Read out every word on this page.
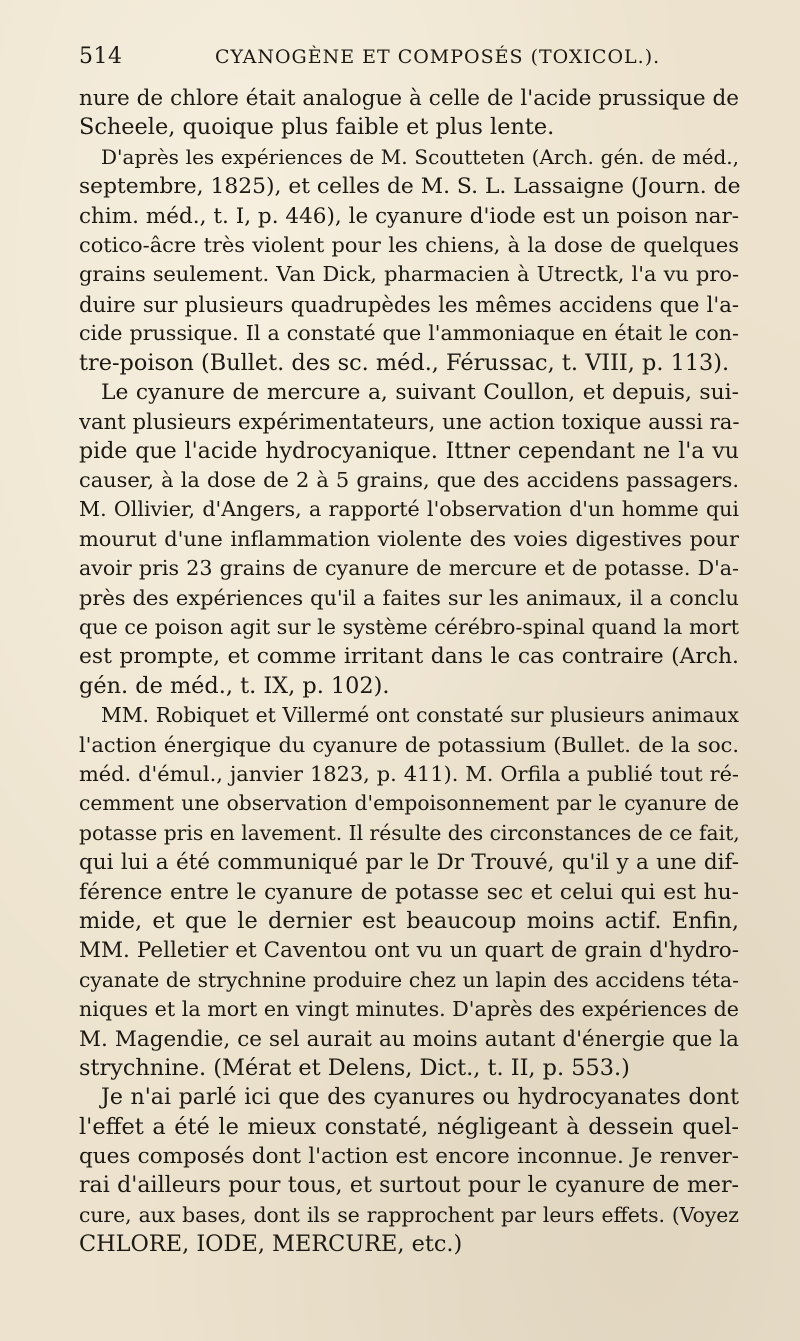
514	CYANOGÈNE ET COMPOSÉS (TOXICOL.).
nure de chlore était analogue à celle de l'acide prussique de
Scheele, quoique plus faible et plus lente.
D'après les expériences de M. Scoutteten (Arch. gén. de méd.,
septembre, 1825), et celles de M. S. L. Lassaigne (Journ. de
chim. méd., t. I, p. 446), le cyanure d'iode est un poison nar-
cotico-âcre très violent pour les chiens, à la dose de quelques
grains seulement. Van Dick, pharmacien à Utrectk, l'a vu pro-
duire sur plusieurs quadrupèdes les mêmes accidens que l'a-
cide prussique. Il a constaté que l'ammoniaque en était le con-
tre-poison (Bullet. des sc. méd., Férussac, t. VIII, p. 113).
Le cyanure de mercure a, suivant Coullon, et depuis, sui-
vant plusieurs expérimentateurs, une action toxique aussi ra-
pide que l'acide hydrocyanique. Ittner cependant ne l'a vu
causer, à la dose de 2 à 5 grains, que des accidens passagers.
M. Ollivier, d'Angers, a rapporté l'observation d'un homme qui
mourut d'une inflammation violente des voies digestives pour
avoir pris 23 grains de cyanure de mercure et de potasse. D'a-
près des expériences qu'il a faites sur les animaux, il a conclu
que ce poison agit sur le système cérébro-spinal quand la mort
est prompte, et comme irritant dans le cas contraire (Arch.
gén. de méd., t. IX, p. 102).
MM. Robiquet et Villermé ont constaté sur plusieurs animaux
l'action énergique du cyanure de potassium (Bullet. de la soc.
méd. d'émul., janvier 1823, p. 411). M. Orfila a publié tout ré-
cemment une observation d'empoisonnement par le cyanure de
potasse pris en lavement. Il résulte des circonstances de ce fait,
qui lui a été communiqué par le Dr Trouvé, qu'il y a une dif-
férence entre le cyanure de potasse sec et celui qui est hu-
mide, et que le dernier est beaucoup moins actif. Enfin,
MM. Pelletier et Caventou ont vu un quart de grain d'hydro-
cyanate de strychnine produire chez un lapin des accidens téta-
niques et la mort en vingt minutes. D'après des expériences de
M. Magendie, ce sel aurait au moins autant d'énergie que la
strychnine. (Mérat et Delens, Dict., t. II, p. 553.)
Je n'ai parlé ici que des cyanures ou hydrocyanates dont
l'effet a été le mieux constaté, négligeant à dessein quel-
ques composés dont l'action est encore inconnue. Je renver-
rai d'ailleurs pour tous, et surtout pour le cyanure de mer-
cure, aux bases, dont ils se rapprochent par leurs effets. (Voyez
CHLORE, IODE, MERCURE, etc.)
